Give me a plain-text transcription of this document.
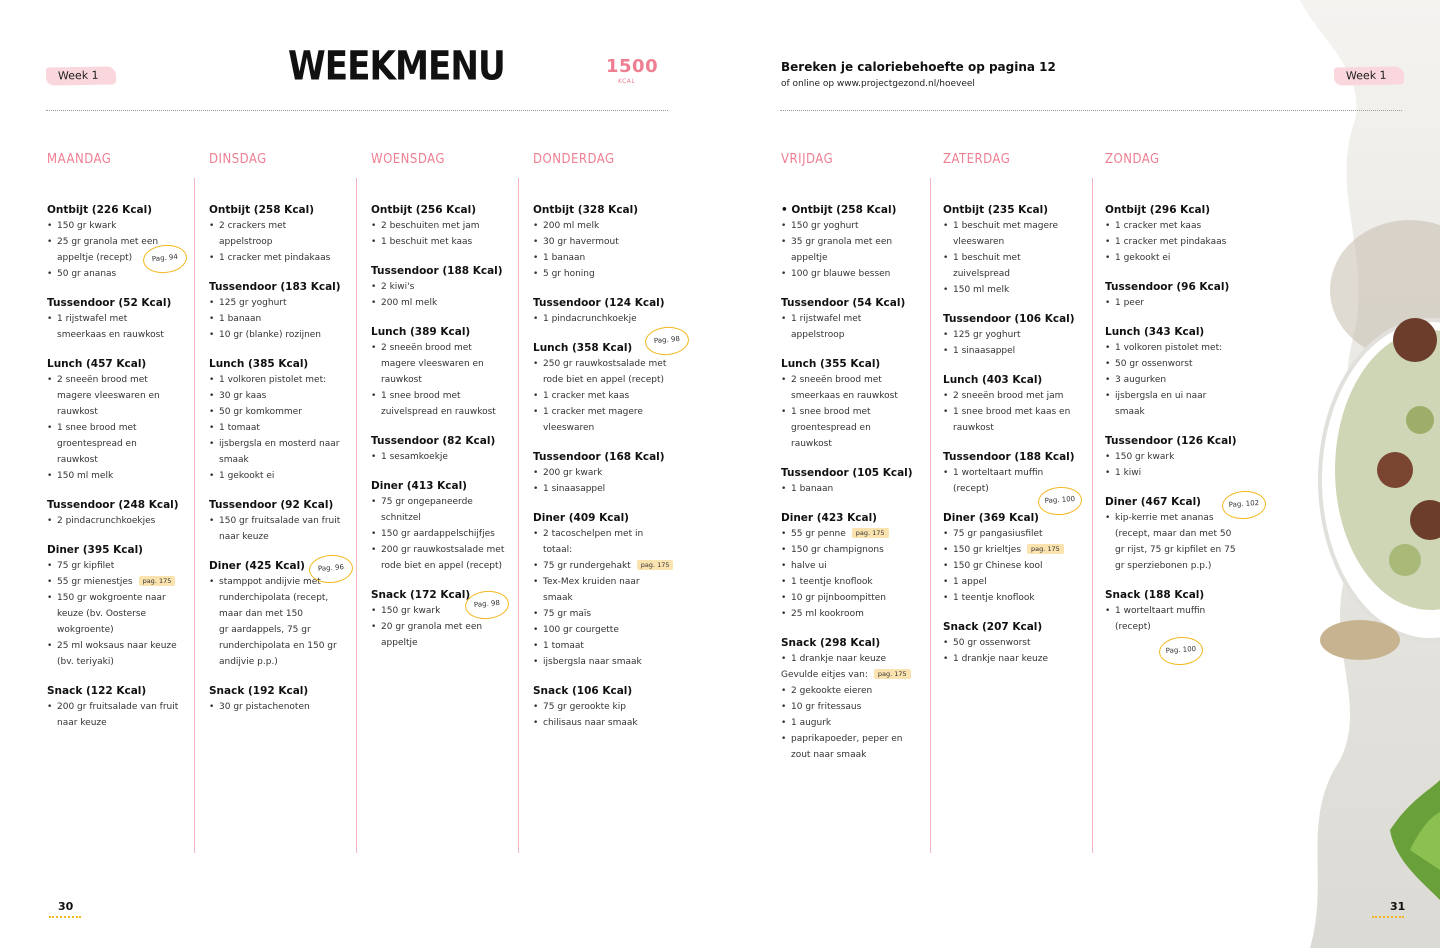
Week 1	WEEKMENU	1500
KCAL
Bereken je caloriebehoefte op pagina 12
of online op www.projectgezond.nl/hoeveel
Week 1
MAANDAG
Ontbijt (226 Kcal)
• 150 gr kwark
• 25 gr granola met een
appeltje (recept)
• 50 gr ananas
Tussendoor (52 Kcal)
• 1 rijstwafel met
smeerkaas en rauwkost
Lunch (457 Kcal)
• 2 sneeën brood met
magere vleeswaren en
rauwkost
• 1 snee brood met
groentespread en
rauwkost
• 150 ml melk
Tussendoor (248 Kcal)
• 2 pindacrunchkoekjes
Diner (395 Kcal)
• 75 gr kipfilet
• 55 gr mienestjes pag. 175
• 150 gr wokgroente naar
keuze (bv. Oosterse
wokgroente)
• 25 ml woksaus naar keuze
(bv. teriyaki)
Snack (122 Kcal)
• 200 gr fruitsalade van fruit
naar keuze
DINSDAG
Ontbijt (258 Kcal)
• 2 crackers met
appelstroop
• 1 cracker met pindakaas
Tussendoor (183 Kcal)
• 125 gr yoghurt
• 1 banaan
• 10 gr (blanke) rozijnen
Lunch (385 Kcal)
• 1 volkoren pistolet met:
• 30 gr kaas
• 50 gr komkommer
• 1 tomaat
• ijsbergsla en mosterd naar
smaak
• 1 gekookt ei
Tussendoor (92 Kcal)
• 150 gr fruitsalade van fruit
naar keuze
Diner (425 Kcal)
• stamppot andijvie met
runderchipolata (recept,
maar dan met 150
gr aardappels, 75 gr
runderchipolata en 150 gr
andijvie p.p.)
Snack (192 Kcal)
• 30 gr pistachenoten
WOENSDAG
Ontbijt (256 Kcal)
• 2 beschuiten met jam
• 1 beschuit met kaas
Tussendoor (188 Kcal)
• 2 kiwi's
• 200 ml melk
Lunch (389 Kcal)
• 2 sneeën brood met
magere vleeswaren en
rauwkost
• 1 snee brood met
zuivelspread en rauwkost
Tussendoor (82 Kcal)
• 1 sesamkoekje
Diner (413 Kcal)
• 75 gr ongepaneerde
schnitzel
• 150 gr aardappelschijfjes
• 200 gr rauwkostsalade met
rode biet en appel (recept)
Snack (172 Kcal)
• 150 gr kwark
• 20 gr granola met een
appeltje
DONDERDAG
Ontbijt (328 Kcal)
• 200 ml melk
• 30 gr havermout
• 1 banaan
• 5 gr honing
Tussendoor (124 Kcal)
• 1 pindacrunchkoekje
Lunch (358 Kcal)
• 250 gr rauwkostsalade met
rode biet en appel (recept)
• 1 cracker met kaas
• 1 cracker met magere
vleeswaren
Tussendoor (168 Kcal)
• 200 gr kwark
• 1 sinaasappel
Diner (409 Kcal)
• 2 tacoschelpen met in
totaal:
• 75 gr rundergehakt pag. 175
• Tex-Mex kruiden naar
smaak
• 75 gr maïs
• 100 gr courgette
• 1 tomaat
• ijsbergsla naar smaak
Snack (106 Kcal)
• 75 gr gerookte kip
• chilisaus naar smaak
VRIJDAG
• Ontbijt (258 Kcal)
• 150 gr yoghurt
• 35 gr granola met een
appeltje
• 100 gr blauwe bessen
Tussendoor (54 Kcal)
• 1 rijstwafel met
appelstroop
Lunch (355 Kcal)
• 2 sneeën brood met
smeerkaas en rauwkost
• 1 snee brood met
groentespread en
rauwkost
Tussendoor (105 Kcal)
• 1 banaan
Diner (423 Kcal)
• 55 gr penne pag. 175
• 150 gr champignons
• halve ui
• 1 teentje knoflook
• 10 gr pijnboompitten
• 25 ml kookroom
Snack (298 Kcal)
• 1 drankje naar keuze
Gevulde eitjes van: pag. 175
• 2 gekookte eieren
• 10 gr fritessaus
• 1 augurk
• paprikapoeder, peper en
zout naar smaak
ZATERDAG
Ontbijt (235 Kcal)
• 1 beschuit met magere
vleeswaren
• 1 beschuit met
zuivelspread
• 150 ml melk
Tussendoor (106 Kcal)
• 125 gr yoghurt
• 1 sinaasappel
Lunch (403 Kcal)
• 2 sneeën brood met jam
• 1 snee brood met kaas en
rauwkost
Tussendoor (188 Kcal)
• 1 worteltaart muffin
(recept)
Diner (369 Kcal)
• 75 gr pangasiusfilet
• 150 gr krieltjes pag. 175
• 150 gr Chinese kool
• 1 appel
• 1 teentje knoflook
Snack (207 Kcal)
• 50 gr ossenworst
• 1 drankje naar keuze
ZONDAG
Ontbijt (296 Kcal)
• 1 cracker met kaas
• 1 cracker met pindakaas
• 1 gekookt ei
Tussendoor (96 Kcal)
• 1 peer
Lunch (343 Kcal)
• 1 volkoren pistolet met:
• 50 gr ossenworst
• 3 augurken
• ijsbergsla en ui naar
smaak
Tussendoor (126 Kcal)
• 150 gr kwark
• 1 kiwi
Diner (467 Kcal)
• kip-kerrie met ananas
(recept, maar dan met 50
gr rijst, 75 gr kipfilet en 75
gr sperziebonen p.p.)
Snack (188 Kcal)
• 1 worteltaart muffin
(recept)
Pag. 94
Pag. 96
Pag. 98
Pag. 98
Pag. 100	Pag. 102
Pag. 100
30	31
